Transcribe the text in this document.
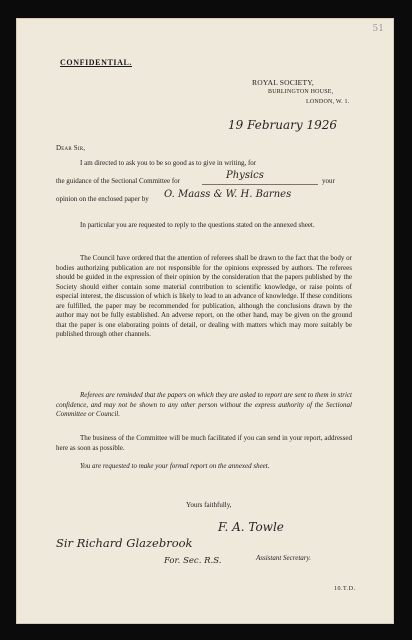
51
CONFIDENTIAL.
ROYAL SOCIETY,
BURLINGTON HOUSE,
LONDON, W. 1.
19 February 1926
Dear Sir,
I am directed to ask you to be so good as to give in writing, for
the guidance of the Sectional Committee for	Physics	your
opinion on the enclosed paper by O. Maass & W. H. Barnes

In particular you are requested to reply to the questions stated on the annexed sheet.

The Council have ordered that the attention of referees shall be drawn to the fact that the body or bodies authorizing publication are not responsible for the opinions expressed by authors. The referees should be guided in the expression of their opinion by the consideration that the papers published by the Society should either contain some material contribution to scientific knowledge, or raise points of especial interest, the discussion of which is likely to lead to an advance of knowledge. If these conditions are fulfilled, the paper may be recommended for publication, although the conclusions drawn by the author may not be fully established. An adverse report, on the other hand, may be given on the ground that the paper is one elaborating points of detail, or dealing with matters which may more suitably be published through other channels.

Referees are reminded that the papers on which they are asked to report are sent to them in strict confidence, and may not be shown to any other person without the express authority of the Sectional Committee or Council.

The business of the Committee will be much facilitated if you can send in your report, addressed here as soon as possible.

You are requested to make your formal report on the annexed sheet.

Yours faithfully,
F. A. Towle
Assistant Secretary.
Sir Richard Glazebrook
For. Sec. R.S.
10.T.D.
